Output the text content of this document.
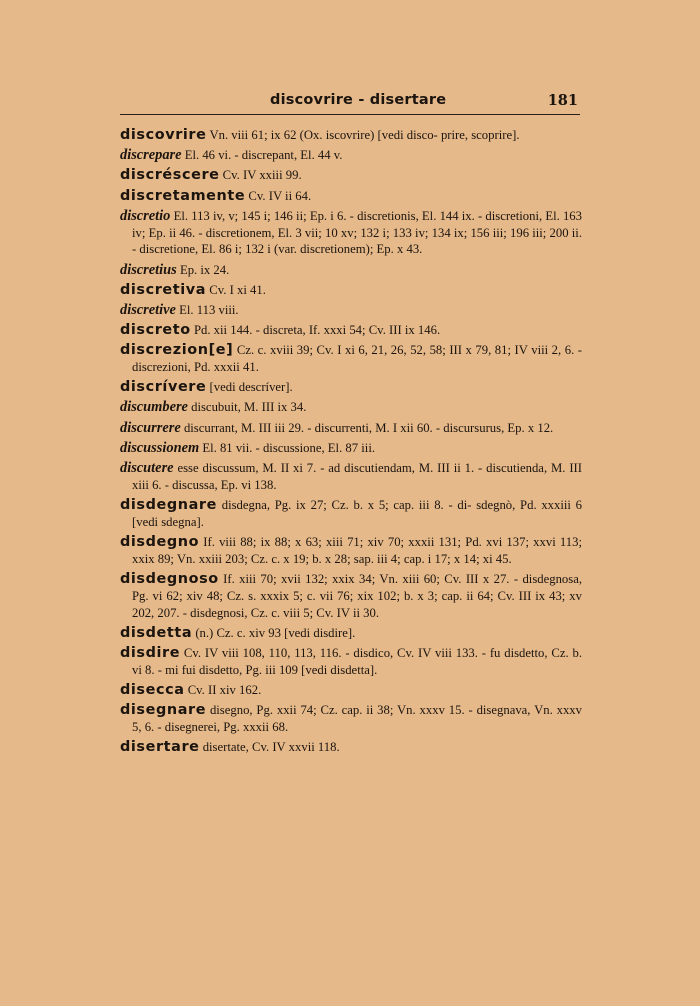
discovrire - disertare	181

discovrire Vn. viii 61; ix 62 (Ox. iscovrire) [vedi disco- prire, scoprire].

discrepare El. 46 vi. - discrepant, El. 44 v.

discréscere Cv. IV xxiii 99.

discretamente Cv. IV ii 64.

discretio El. 113 iv, v; 145 i; 146 ii; Ep. i 6. - discretionis, El. 144 ix. - discretioni, El. 163 iv; Ep. ii 46. - discretionem, El. 3 vii; 10 xv; 132 i; 133 iv; 134 ix; 156 iii; 196 iii; 200 ii. - discretione, El. 86 i; 132 i (var. discretionem); Ep. x 43.

discretius Ep. ix 24.

discretiva Cv. I xi 41.

discretive El. 113 viii.

discreto Pd. xii 144. - discreta, If. xxxi 54; Cv. III ix 146.

discrezion[e] Cz. c. xviii 39; Cv. I xi 6, 21, 26, 52, 58; III x 79, 81; IV viii 2, 6. - discrezioni, Pd. xxxii 41.

discrívere [vedi descríver].

discumbere discubuit, M. III ix 34.

discurrere discurrant, M. III iii 29. - discurrenti, M. I xii 60. - discursurus, Ep. x 12.

discussionem El. 81 vii. - discussione, El. 87 iii.

discutere esse discussum, M. II xi 7. - ad discutiendam, M. III ii 1. - discutienda, M. III xiii 6. - discussa, Ep. vi 138.

disdegnare disdegna, Pg. ix 27; Cz. b. x 5; cap. iii 8. - di- sdegnò, Pd. xxxiii 6 [vedi sdegna].

disdegno If. viii 88; ix 88; x 63; xiii 71; xiv 70; xxxii 131; Pd. xvi 137; xxvi 113; xxix 89; Vn. xxiii 203; Cz. c. x 19; b. x 28; sap. iii 4; cap. i 17; x 14; xi 45.

disdegnoso If. xiii 70; xvii 132; xxix 34; Vn. xiii 60; Cv. III x 27. - disdegnosa, Pg. vi 62; xiv 48; Cz. s. xxxix 5; c. vii 76; xix 102; b. x 3; cap. ii 64; Cv. III ix 43; xv 202, 207. - disdegnosi, Cz. c. viii 5; Cv. IV ii 30.

disdetta (n.) Cz. c. xiv 93 [vedi disdire].

disdire Cv. IV viii 108, 110, 113, 116. - disdico, Cv. IV viii 133. - fu disdetto, Cz. b. vi 8. - mi fui disdetto, Pg. iii 109 [vedi disdetta].

disecca Cv. II xiv 162.

disegnare disegno, Pg. xxii 74; Cz. cap. ii 38; Vn. xxxv 15. - disegnava, Vn. xxxv 5, 6. - disegnerei, Pg. xxxii 68.

disertare disertate, Cv. IV xxvii 118.
